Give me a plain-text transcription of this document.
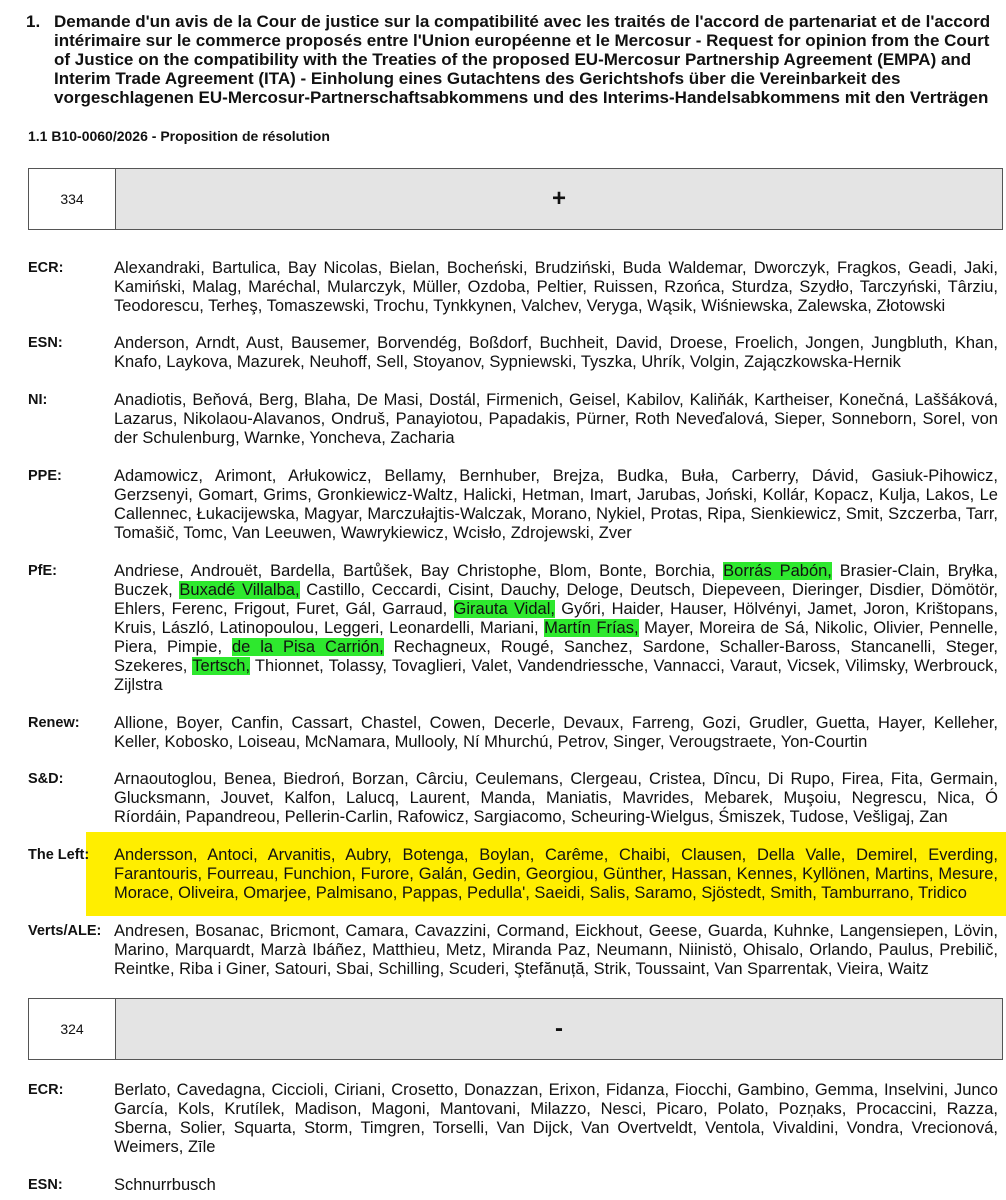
1. Demande d'un avis de la Cour de justice sur la compatibilité avec les traités de l'accord de partenariat et de l'accord intérimaire sur le commerce proposés entre l'Union européenne et le Mercosur - Request for opinion from the Court of Justice on the compatibility with the Treaties of the proposed EU-Mercosur Partnership Agreement (EMPA) and Interim Trade Agreement (ITA) - Einholung eines Gutachtens des Gerichtshofs über die Vereinbarkeit des vorgeschlagenen EU-Mercosur-Partnerschaftsabkommens und des Interims-Handelsabkommens mit den Verträgen
1.1 B10-0060/2026 - Proposition de résolution
334	+
ECR:	Alexandraki, Bartulica, Bay Nicolas, Bielan, Bocheński, Brudziński, Buda Waldemar, Dworczyk, Fragkos, Geadi, Jaki, Kamiński, Malag, Maréchal, Mularczyk, Müller, Ozdoba, Peltier, Ruissen, Rzońca, Sturdza, Szydło, Tarczyński, Târziu, Teodorescu, Terheş, Tomaszewski, Trochu, Tynkkynen, Valchev, Veryga, Wąsik, Wiśniewska, Zalewska, Złotowski
ESN:	Anderson, Arndt, Aust, Bausemer, Borvendég, Boßdorf, Buchheit, David, Droese, Froelich, Jongen, Jungbluth, Khan, Knafo, Laykova, Mazurek, Neuhoff, Sell, Stoyanov, Sypniewski, Tyszka, Uhrík, Volgin, Zajączkowska-Hernik
NI:	Anadiotis, Beňová, Berg, Blaha, De Masi, Dostál, Firmenich, Geisel, Kabilov, Kaliňák, Kartheiser, Konečná, Laššáková, Lazarus, Nikolaou-Alavanos, Ondruš, Panayiotou, Papadakis, Pürner, Roth Neveďalová, Sieper, Sonneborn, Sorel, von der Schulenburg, Warnke, Yoncheva, Zacharia
PPE:	Adamowicz, Arimont, Arłukowicz, Bellamy, Bernhuber, Brejza, Budka, Buła, Carberry, Dávid, Gasiuk-Pihowicz, Gerzsenyi, Gomart, Grims, Gronkiewicz-Waltz, Halicki, Hetman, Imart, Jarubas, Joński, Kollár, Kopacz, Kulja, Lakos, Le Callennec, Łukacijewska, Magyar, Marczułajtis-Walczak, Morano, Nykiel, Protas, Ripa, Sienkiewicz, Smit, Szczerba, Tarr, Tomašič, Tomc, Van Leeuwen, Wawrykiewicz, Wcisło, Zdrojewski, Zver
PfE:	Andriese, Androuët, Bardella, Bartůšek, Bay Christophe, Blom, Bonte, Borchia, Borrás Pabón, Brasier-Clain, Bryłka, Buczek, Buxadé Villalba, Castillo, Ceccardi, Cisint, Dauchy, Deloge, Deutsch, Diepeveen, Dieringer, Disdier, Dömötör, Ehlers, Ferenc, Frigout, Furet, Gál, Garraud, Girauta Vidal, Győri, Haider, Hauser, Hölvényi, Jamet, Joron, Krištopans, Kruis, László, Latinopoulou, Leggeri, Leonardelli, Mariani, Martín Frías, Mayer, Moreira de Sá, Nikolic, Olivier, Pennelle, Piera, Pimpie, de la Pisa Carrión, Rechagneux, Rougé, Sanchez, Sardone, Schaller-Baross, Stancanelli, Steger, Szekeres, Tertsch, Thionnet, Tolassy, Tovaglieri, Valet, Vandendriessche, Vannacci, Varaut, Vicsek, Vilimsky, Werbrouck, Zijlstra
Renew:	Allione, Boyer, Canfin, Cassart, Chastel, Cowen, Decerle, Devaux, Farreng, Gozi, Grudler, Guetta, Hayer, Kelleher, Keller, Kobosko, Loiseau, McNamara, Mullooly, Ní Mhurchú, Petrov, Singer, Verougstraete, Yon-Courtin
S&D:	Arnaoutoglou, Benea, Biedroń, Borzan, Cârciu, Ceulemans, Clergeau, Cristea, Dîncu, Di Rupo, Firea, Fita, Germain, Glucksmann, Jouvet, Kalfon, Lalucq, Laurent, Manda, Maniatis, Mavrides, Mebarek, Muşoiu, Negrescu, Nica, Ó Ríordáin, Papandreou, Pellerin-Carlin, Rafowicz, Sargiacomo, Scheuring-Wielgus, Śmiszek, Tudose, Vešligaj, Zan
The Left:	Andersson, Antoci, Arvanitis, Aubry, Botenga, Boylan, Carême, Chaibi, Clausen, Della Valle, Demirel, Everding, Farantouris, Fourreau, Funchion, Furore, Galán, Gedin, Georgiou, Günther, Hassan, Kennes, Kyllönen, Martins, Mesure, Morace, Oliveira, Omarjee, Palmisano, Pappas, Pedulla', Saeidi, Salis, Saramo, Sjöstedt, Smith, Tamburrano, Tridico
Verts/ALE: Andresen, Bosanac, Bricmont, Camara, Cavazzini, Cormand, Eickhout, Geese, Guarda, Kuhnke, Langensiepen, Lövin, Marino, Marquardt, Marzà Ibáñez, Matthieu, Metz, Miranda Paz, Neumann, Niinistö, Ohisalo, Orlando, Paulus, Prebilič, Reintke, Riba i Giner, Satouri, Sbai, Schilling, Scuderi, Ştefănuță, Strik, Toussaint, Van Sparrentak, Vieira, Waitz
324	-
ECR:	Berlato, Cavedagna, Ciccioli, Ciriani, Crosetto, Donazzan, Erixon, Fidanza, Fiocchi, Gambino, Gemma, Inselvini, Junco García, Kols, Krutílek, Madison, Magoni, Mantovani, Milazzo, Nesci, Picaro, Polato, Pozņaks, Procaccini, Razza, Sberna, Solier, Squarta, Storm, Timgren, Torselli, Van Dijck, Van Overtveldt, Ventola, Vivaldini, Vondra, Vrecionová, Weimers, Zīle
ESN:	Schnurrbusch
